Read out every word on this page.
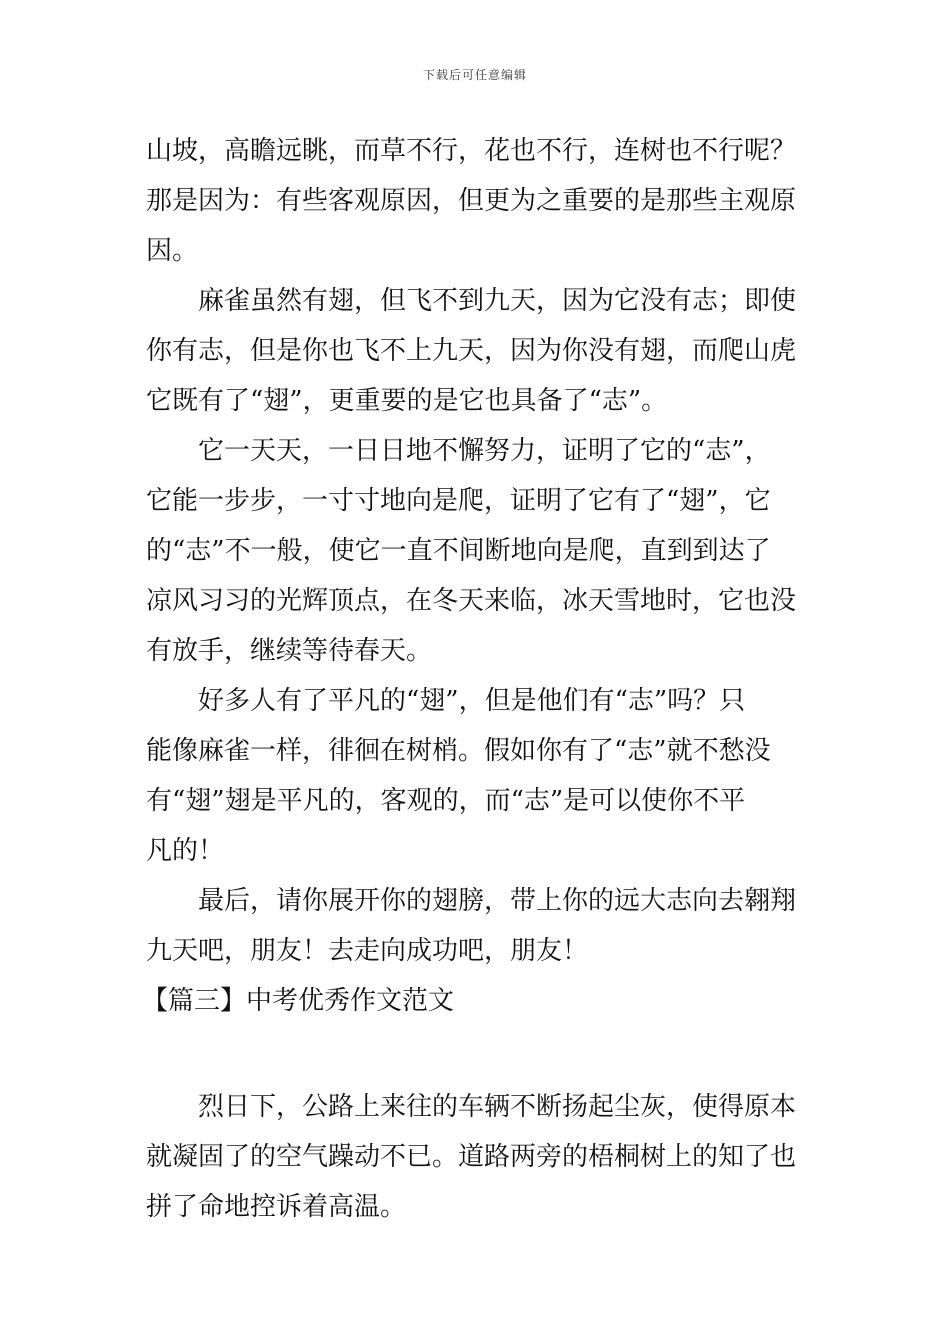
下载后可任意编辑
山坡，高瞻远眺，而草不行，花也不行，连树也不行呢？
那是因为：有些客观原因，但更为之重要的是那些主观原
因。
麻雀虽然有翅，但飞不到九天，因为它没有志；即使
你有志，但是你也飞不上九天，因为你没有翅，而爬山虎
它既有了“翅”，更重要的是它也具备了“志”。
它一天天，一日日地不懈努力，证明了它的“志”，
它能一步步，一寸寸地向是爬，证明了它有了“翅”，它
的“志”不一般，使它一直不间断地向是爬，直到到达了
凉风习习的光辉顶点，在冬天来临，冰天雪地时，它也没
有放手，继续等待春天。
好多人有了平凡的“翅”，但是他们有“志”吗？只
能像麻雀一样，徘徊在树梢。假如你有了“志”就不愁没
有“翅”翅是平凡的，客观的，而“志”是可以使你不平
凡的！
最后，请你展开你的翅膀，带上你的远大志向去翱翔
九天吧，朋友！去走向成功吧，朋友！
【篇三】中考优秀作文范文
烈日下，公路上来往的车辆不断扬起尘灰，使得原本
就凝固了的空气躁动不已。道路两旁的梧桐树上的知了也
拼了命地控诉着高温。
